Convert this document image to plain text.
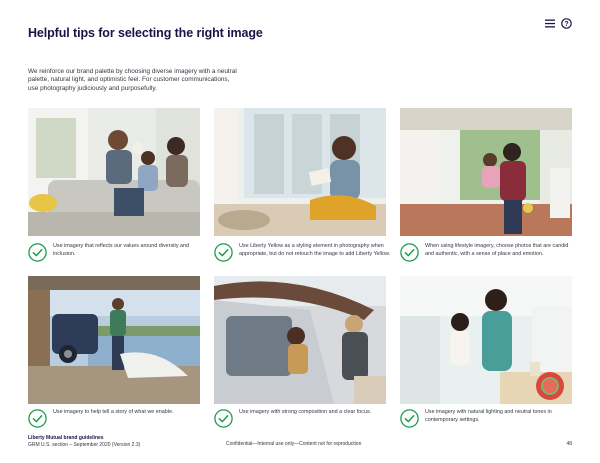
Helpful tips for selecting the right image
?
We reinforce our brand palette by choosing diverse imagery with a neutral palette, natural light, and optimistic feel. For customer communications, use photography judiciously and purposefully.
Use imagery that reflects our values around diversity and inclusion.
Use Liberty Yellow as a styling element in photography when appropriate, but do not retouch the image to add Liberty Yellow.
When using lifestyle imagery, choose photos that are candid and authentic, with a sense of place and emotion.
Use imagery to help tell a story of what we enable.	Use imagery with strong composition and a clear focus.	Use imagery with natural lighting and neutral tones in contemporary settings.
Liberty Mutual brand guidelines
GRM U.S. section – September 2020 (Version 2.3)	Confidential—Internal use only—Content not for reproduction	48
